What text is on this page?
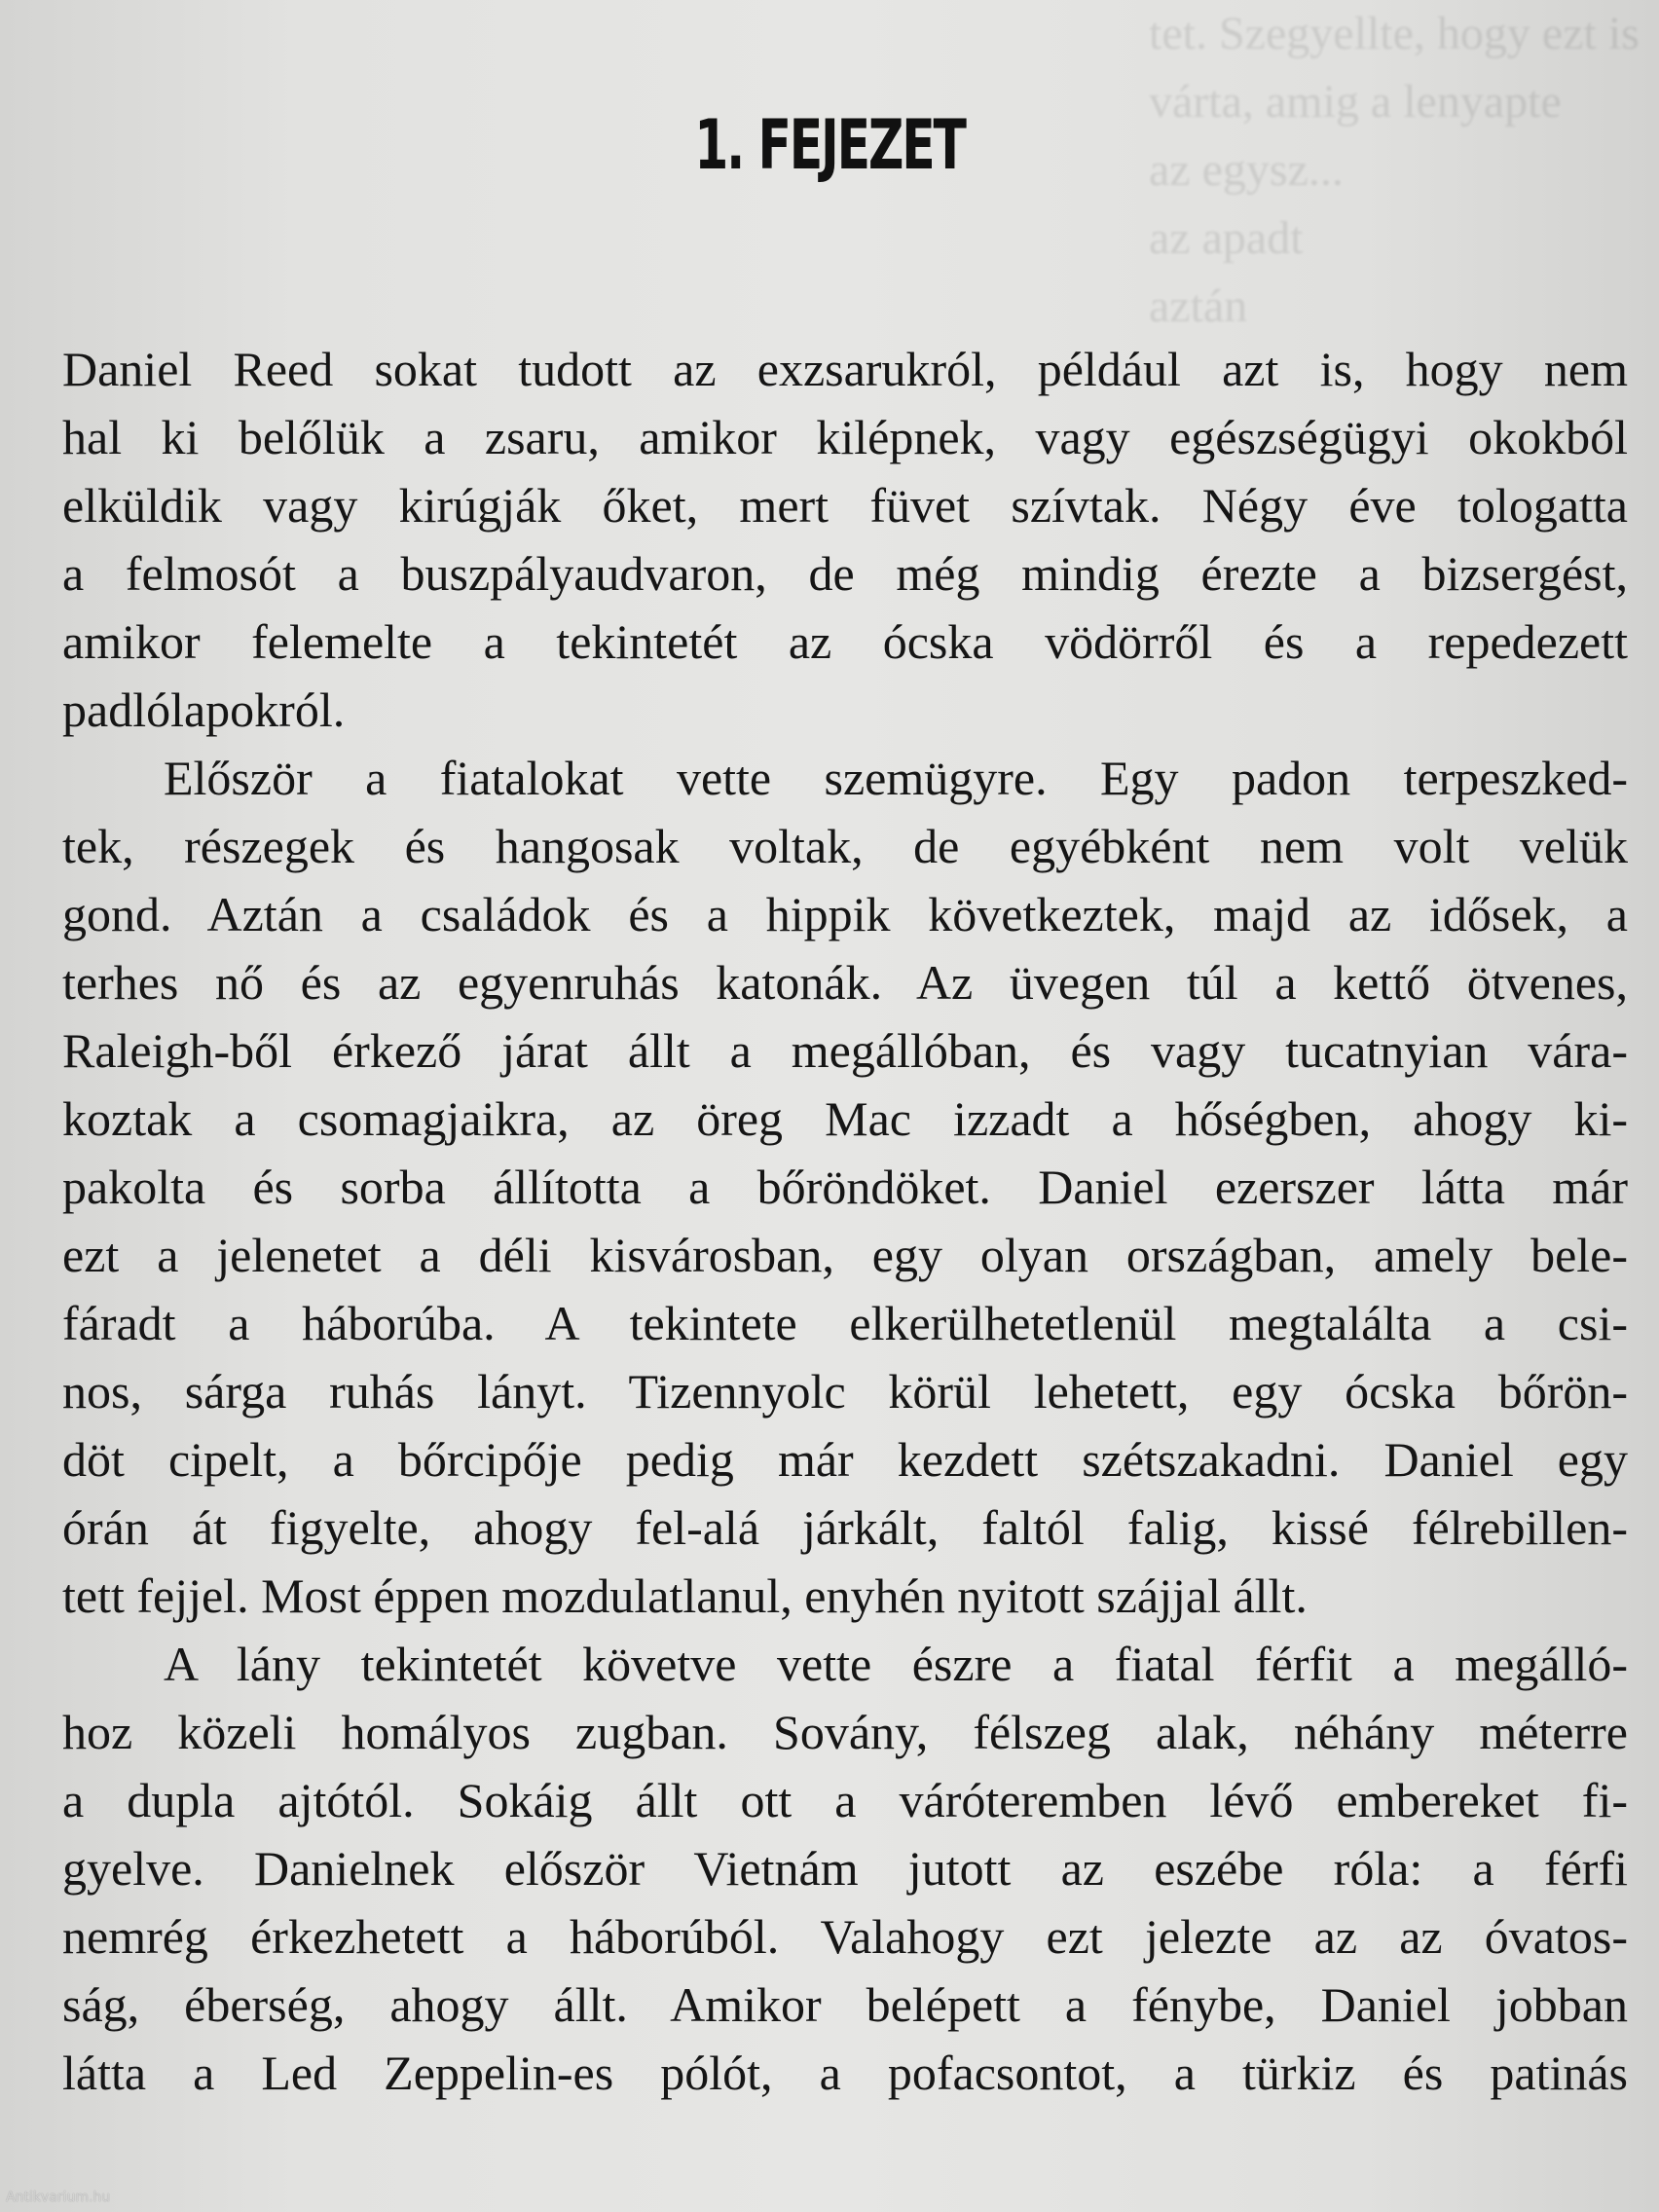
tet. Szegyellte, hogy ezt is
várta, amig a lenyapte
az egysz...
az apadt
aztán
1. FEJEZET
Daniel Reed sokat tudott az exzsarukról, például azt is, hogy nem
hal ki belőlük a zsaru, amikor kilépnek, vagy egészségügyi okokból
elküldik vagy kirúgják őket, mert füvet szívtak. Négy éve tologatta
a felmosót a buszpályaudvaron, de még mindig érezte a bizsergést,
amikor felemelte a tekintetét az ócska vödörről és a repedezett
padlólapokról.
Először a fiatalokat vette szemügyre. Egy padon terpeszked-
tek, részegek és hangosak voltak, de egyébként nem volt velük
gond. Aztán a családok és a hippik következtek, majd az idősek, a
terhes nő és az egyenruhás katonák. Az üvegen túl a kettő ötvenes,
Raleigh-ből érkező járat állt a megállóban, és vagy tucatnyian vára-
koztak a csomagjaikra, az öreg Mac izzadt a hőségben, ahogy ki-
pakolta és sorba állította a bőröndöket. Daniel ezerszer látta már
ezt a jelenetet a déli kisvárosban, egy olyan országban, amely bele-
fáradt a háborúba. A tekintete elkerülhetetlenül megtalálta a csi-
nos, sárga ruhás lányt. Tizennyolc körül lehetett, egy ócska bőrön-
döt cipelt, a bőrcipője pedig már kezdett szétszakadni. Daniel egy
órán át figyelte, ahogy fel-alá járkált, faltól falig, kissé félrebillen-
tett fejjel. Most éppen mozdulatlanul, enyhén nyitott szájjal állt.
A lány tekintetét követve vette észre a fiatal férfit a megálló-
hoz közeli homályos zugban. Sovány, félszeg alak, néhány méterre
a dupla ajtótól. Sokáig állt ott a váróteremben lévő embereket fi-
gyelve. Danielnek először Vietnám jutott az eszébe róla: a férfi
nemrég érkezhetett a háborúból. Valahogy ezt jelezte az az óvatos-
ság, éberség, ahogy állt. Amikor belépett a fénybe, Daniel jobban
látta a Led Zeppelin-es pólót, a pofacsontot, a türkiz és patinás
Antikvarium.hu
